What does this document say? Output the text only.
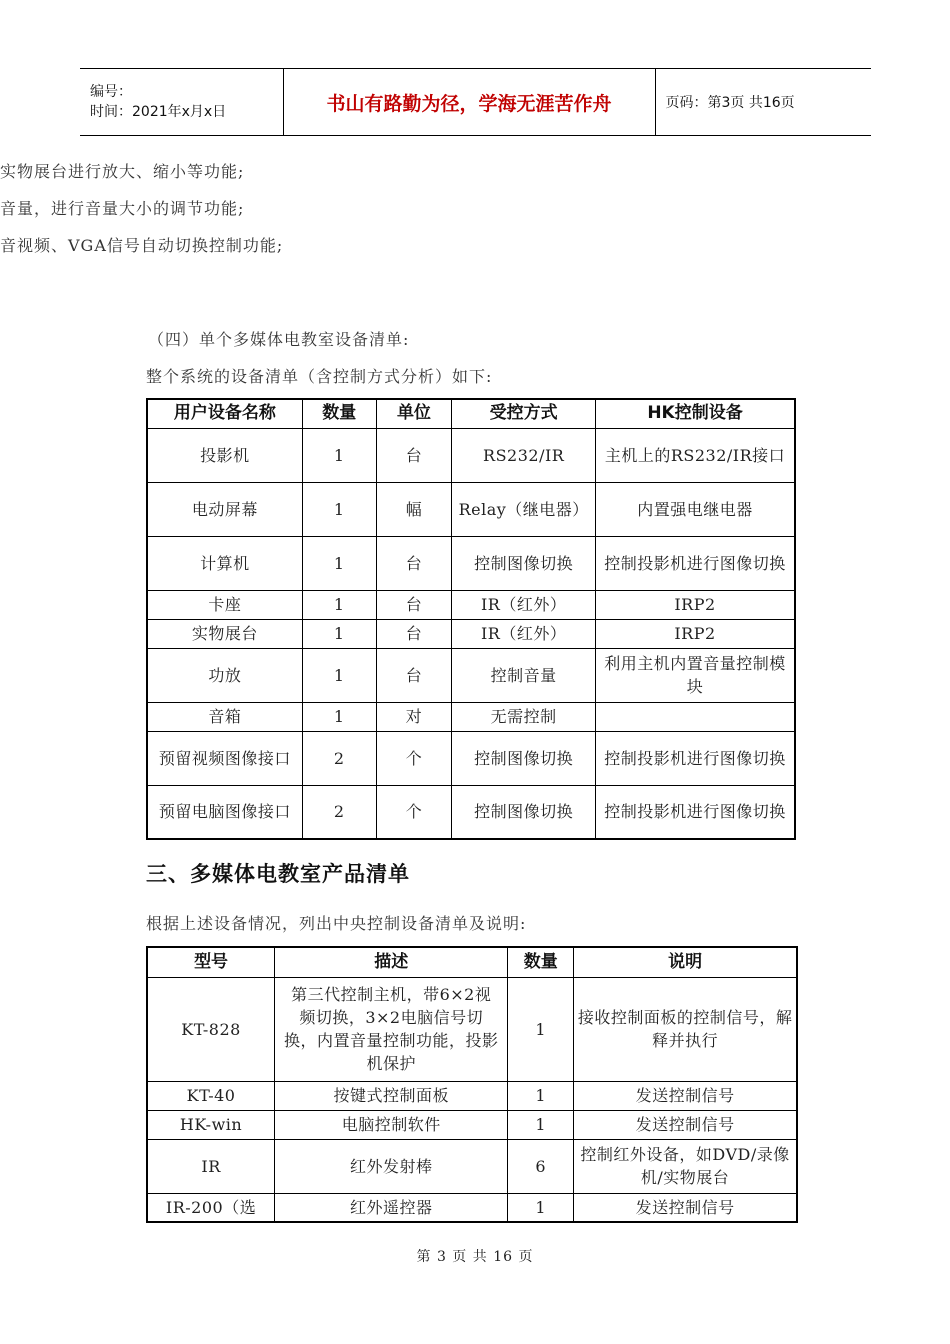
编号：
时间：2021年x月x日	书山有路勤为径，学海无涯苦作舟	页码：第3页 共16页
实物展台进行放大、缩小等功能;
音量，进行音量大小的调节功能;
音视频、VGA信号自动切换控制功能;
（四）单个多媒体电教室设备清单:
整个系统的设备清单（含控制方式分析）如下:
用户设备名称	数量	单位	受控方式	HK控制设备
投影机	1	台	RS232/IR	主机上的RS232/IR接口
电动屏幕	1	幅	Relay（继电器）	内置强电继电器
计算机	1	台	控制图像切换	控制投影机进行图像切换
卡座	1	台	IR（红外）	IRP2
实物展台	1	台	IR（红外）	IRP2
功放	1	台	控制音量	利用主机内置音量控制模块
音箱	1	对	无需控制	
预留视频图像接口	2	个	控制图像切换	控制投影机进行图像切换
预留电脑图像接口	2	个	控制图像切换	控制投影机进行图像切换
三、多媒体电教室产品清单
根据上述设备情况，列出中央控制设备清单及说明:
型号	描述	数量	说明
KT-828	第三代控制主机，带6×2视频切换，3×2电脑信号切换，内置音量控制功能，投影机保护	1	接收控制面板的控制信号，解释并执行
KT-40	按键式控制面板	1	发送控制信号
HK-win	电脑控制软件	1	发送控制信号
IR	红外发射棒	6	控制红外设备，如DVD/录像机/实物展台
IR-200（选	红外遥控器	1	发送控制信号
第 3 页 共 16 页
